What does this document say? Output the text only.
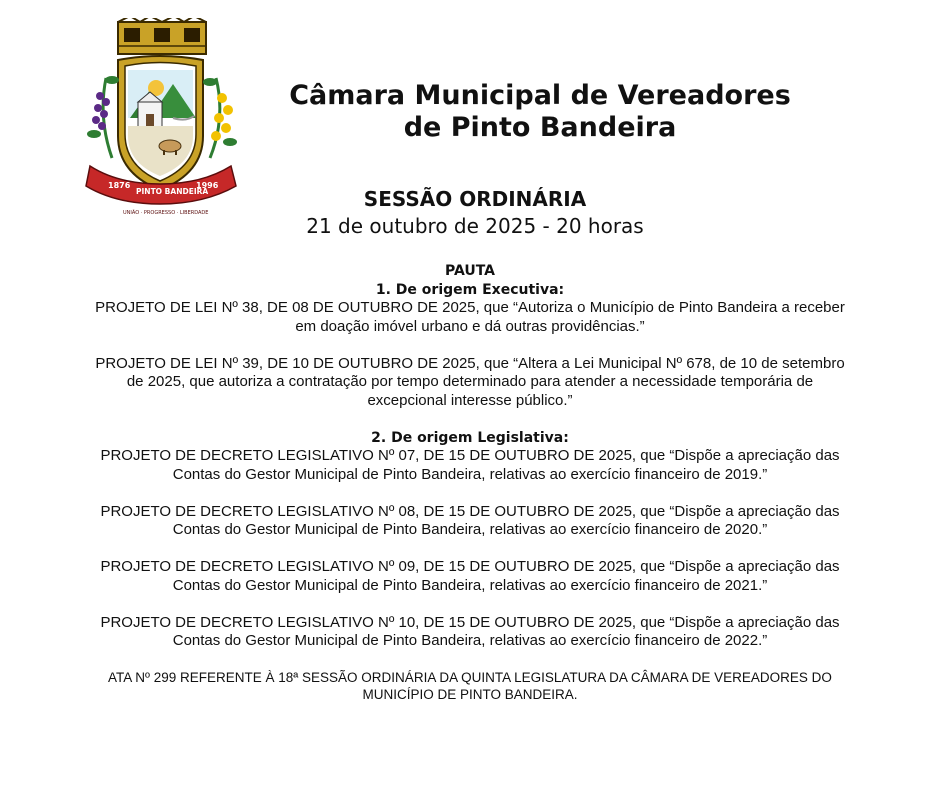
1876
PINTO BANDEIRA
1996
UNIÃO · PROGRESSO · LIBERDADE
Câmara Municipal de Vereadores
de Pinto Bandeira
SESSÃO ORDINÁRIA
21 de outubro de 2025 - 20 horas
PAUTA
1. De origem Executiva:

PROJETO DE LEI Nº 38, DE 08 DE OUTUBRO DE 2025, que “Autoriza o Município de Pinto Bandeira a receber
em doação imóvel urbano e dá outras providências.”

PROJETO DE LEI Nº 39, DE 10 DE OUTUBRO DE 2025, que “Altera a Lei Municipal Nº 678, de 10 de setembro
de 2025, que autoriza a contratação por tempo determinado para atender a necessidade temporária de
excepcional interesse público.”

2. De origem Legislativa:

PROJETO DE DECRETO LEGISLATIVO Nº 07, DE 15 DE OUTUBRO DE 2025, que “Dispõe a apreciação das
Contas do Gestor Municipal de Pinto Bandeira, relativas ao exercício financeiro de 2019.”

PROJETO DE DECRETO LEGISLATIVO Nº 08, DE 15 DE OUTUBRO DE 2025, que “Dispõe a apreciação das
Contas do Gestor Municipal de Pinto Bandeira, relativas ao exercício financeiro de 2020.”

PROJETO DE DECRETO LEGISLATIVO Nº 09, DE 15 DE OUTUBRO DE 2025, que “Dispõe a apreciação das
Contas do Gestor Municipal de Pinto Bandeira, relativas ao exercício financeiro de 2021.”

PROJETO DE DECRETO LEGISLATIVO Nº 10, DE 15 DE OUTUBRO DE 2025, que “Dispõe a apreciação das
Contas do Gestor Municipal de Pinto Bandeira, relativas ao exercício financeiro de 2022.”

ATA Nº 299 REFERENTE À 18ª SESSÃO ORDINÁRIA DA QUINTA LEGISLATURA DA CÂMARA DE VEREADORES DO
MUNICÍPIO DE PINTO BANDEIRA.
